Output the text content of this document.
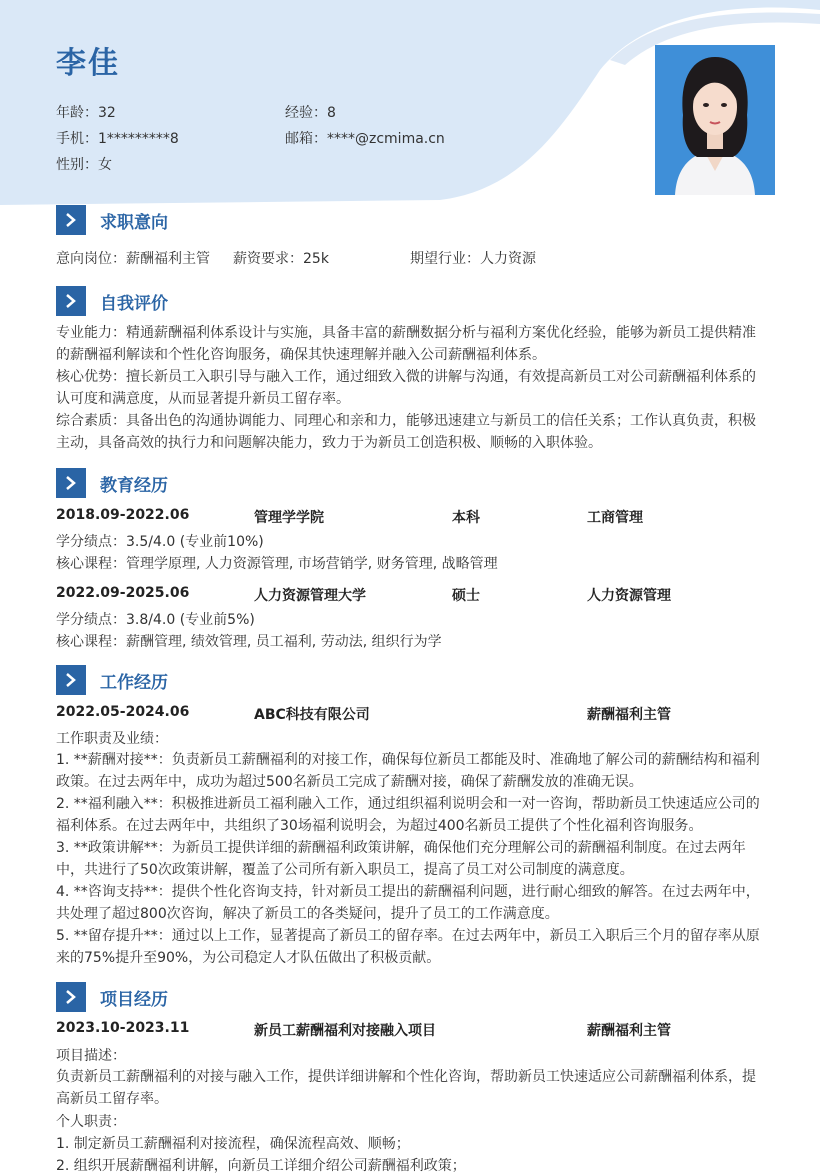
李佳
年龄：32	经验：8
手机：1*********8	邮箱：****@zcmima.cn
性别：女
求职意向
意向岗位：薪酬福利主管 薪资要求：25k	期望行业：人力资源
自我评价
专业能力：精通薪酬福利体系设计与实施，具备丰富的薪酬数据分析与福利方案优化经验，能够为新员工提供精准的薪酬福利解读和个性化咨询服务，确保其快速理解并融入公司薪酬福利体系。
核心优势：擅长新员工入职引导与融入工作，通过细致入微的讲解与沟通，有效提高新员工对公司薪酬福利体系的认可度和满意度，从而显著提升新员工留存率。
综合素质：具备出色的沟通协调能力、同理心和亲和力，能够迅速建立与新员工的信任关系；工作认真负责，积极主动，具备高效的执行力和问题解决能力，致力于为新员工创造积极、顺畅的入职体验。
教育经历
2018.09-2022.06	管理学学院	本科	工商管理
学分绩点：3.5/4.0 (专业前10%)
核心课程：管理学原理, 人力资源管理, 市场营销学, 财务管理, 战略管理
2022.09-2025.06	人力资源管理大学	硕士	人力资源管理
学分绩点：3.8/4.0 (专业前5%)
核心课程：薪酬管理, 绩效管理, 员工福利, 劳动法, 组织行为学
工作经历
2022.05-2024.06	ABC科技有限公司	薪酬福利主管
工作职责及业绩：
1. **薪酬对接**：负责新员工薪酬福利的对接工作，确保每位新员工都能及时、准确地了解公司的薪酬结构和福利政策。在过去两年中，成功为超过500名新员工完成了薪酬对接，确保了薪酬发放的准确无误。
2. **福利融入**：积极推进新员工福利融入工作，通过组织福利说明会和一对一咨询，帮助新员工快速适应公司的福利体系。在过去两年中，共组织了30场福利说明会，为超过400名新员工提供了个性化福利咨询服务。
3. **政策讲解**：为新员工提供详细的薪酬福利政策讲解，确保他们充分理解公司的薪酬福利制度。在过去两年中，共进行了50次政策讲解，覆盖了公司所有新入职员工，提高了员工对公司制度的满意度。
4. **咨询支持**：提供个性化咨询支持，针对新员工提出的薪酬福利问题，进行耐心细致的解答。在过去两年中，共处理了超过800次咨询，解决了新员工的各类疑问，提升了员工的工作满意度。
5. **留存提升**：通过以上工作，显著提高了新员工的留存率。在过去两年中，新员工入职后三个月的留存率从原来的75%提升至90%，为公司稳定人才队伍做出了积极贡献。
项目经历
2023.10-2023.11	新员工薪酬福利对接融入项目	薪酬福利主管
项目描述：
负责新员工薪酬福利的对接与融入工作，提供详细讲解和个性化咨询，帮助新员工快速适应公司薪酬福利体系，提高新员工留存率。
个人职责：
1. 制定新员工薪酬福利对接流程，确保流程高效、顺畅；
2. 组织开展薪酬福利讲解，向新员工详细介绍公司薪酬福利政策；
